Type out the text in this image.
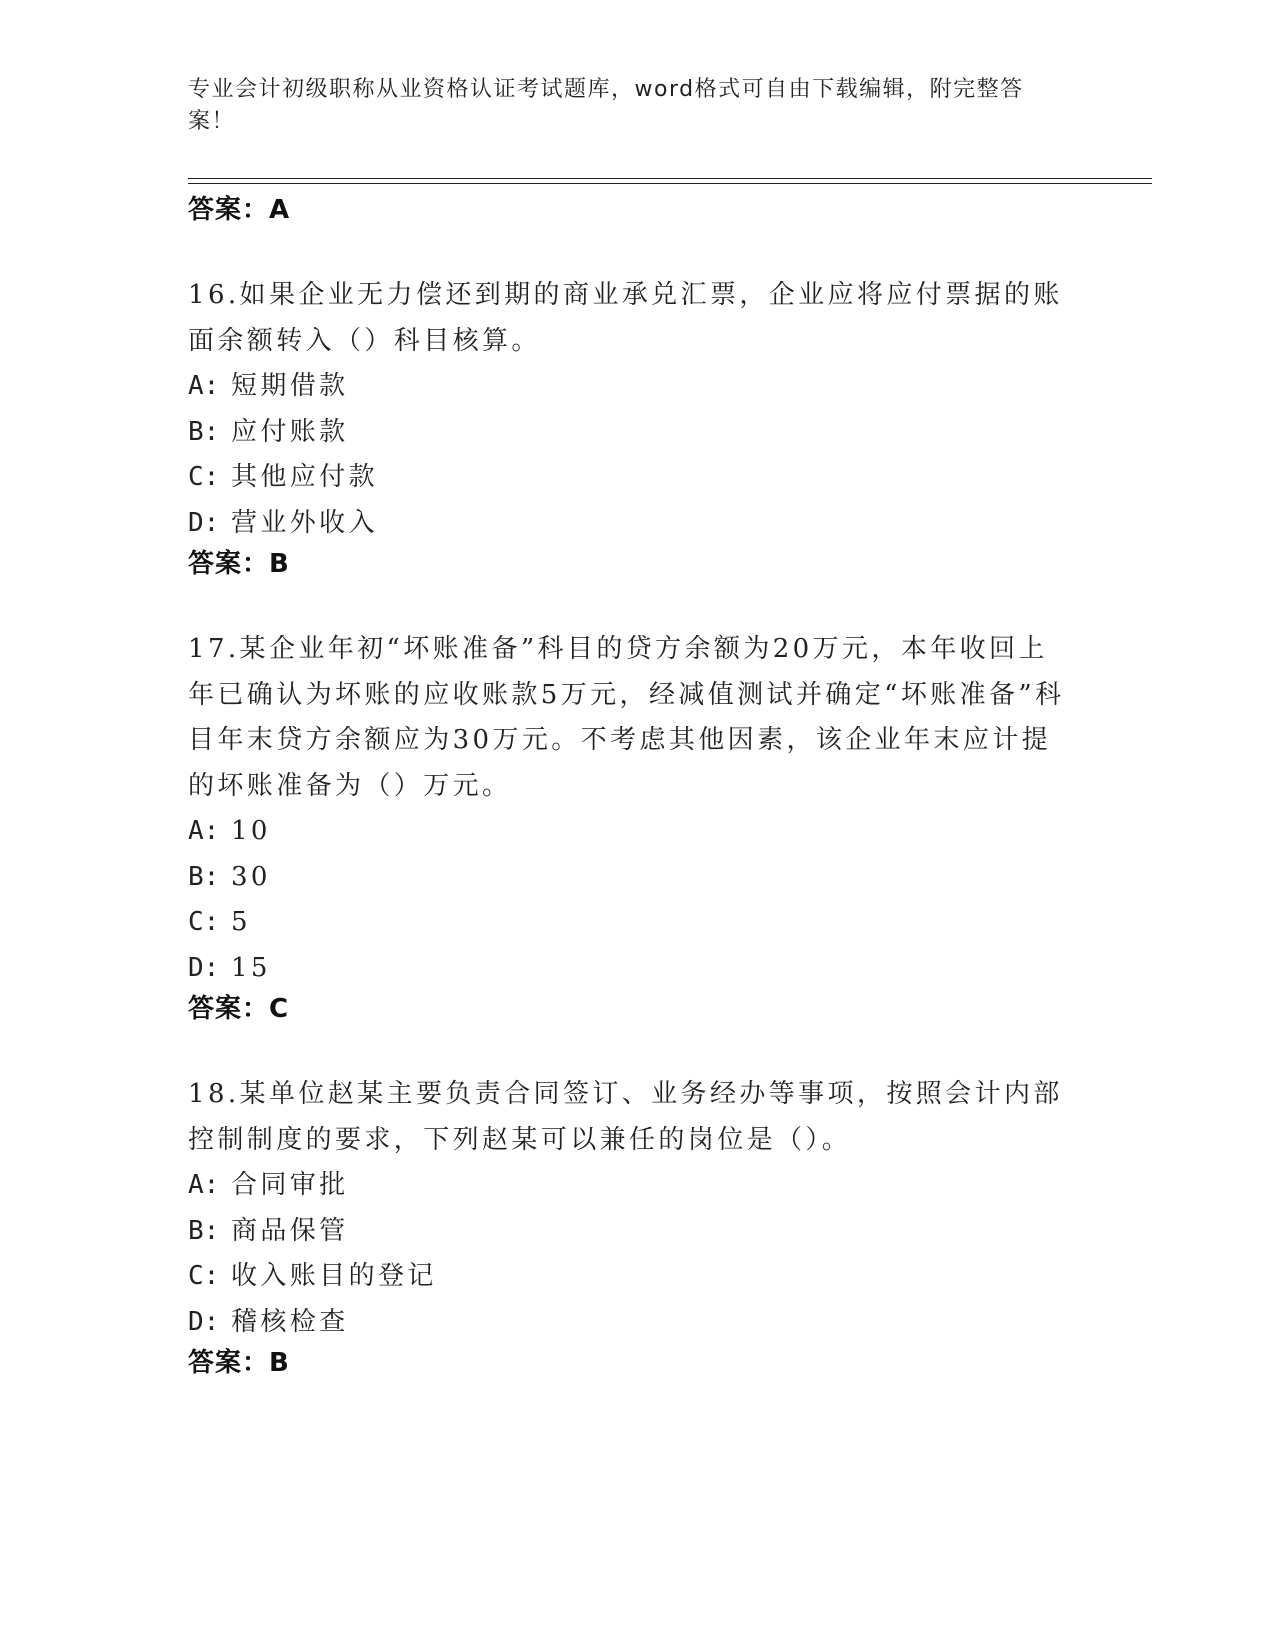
专业会计初级职称从业资格认证考试题库，word格式可自由下载编辑，附完整答案！

答案：A

16.如果企业无力偿还到期的商业承兑汇票，企业应将应付票据的账面余额转入（）科目核算。

A: 短期借款

B: 应付账款

C: 其他应付款

D: 营业外收入

答案：B

17.某企业年初“坏账准备”科目的贷方余额为20万元，本年收回上年已确认为坏账的应收账款5万元，经减值测试并确定“坏账准备”科目年末贷方余额应为30万元。不考虑其他因素，该企业年末应计提的坏账准备为（）万元。

A: 10

B: 30

C: 5

D: 15

答案：C

18.某单位赵某主要负责合同签订、业务经办等事项，按照会计内部控制制度的要求，下列赵某可以兼任的岗位是（）。

A: 合同审批

B: 商品保管

C: 收入账目的登记

D: 稽核检查

答案：B
